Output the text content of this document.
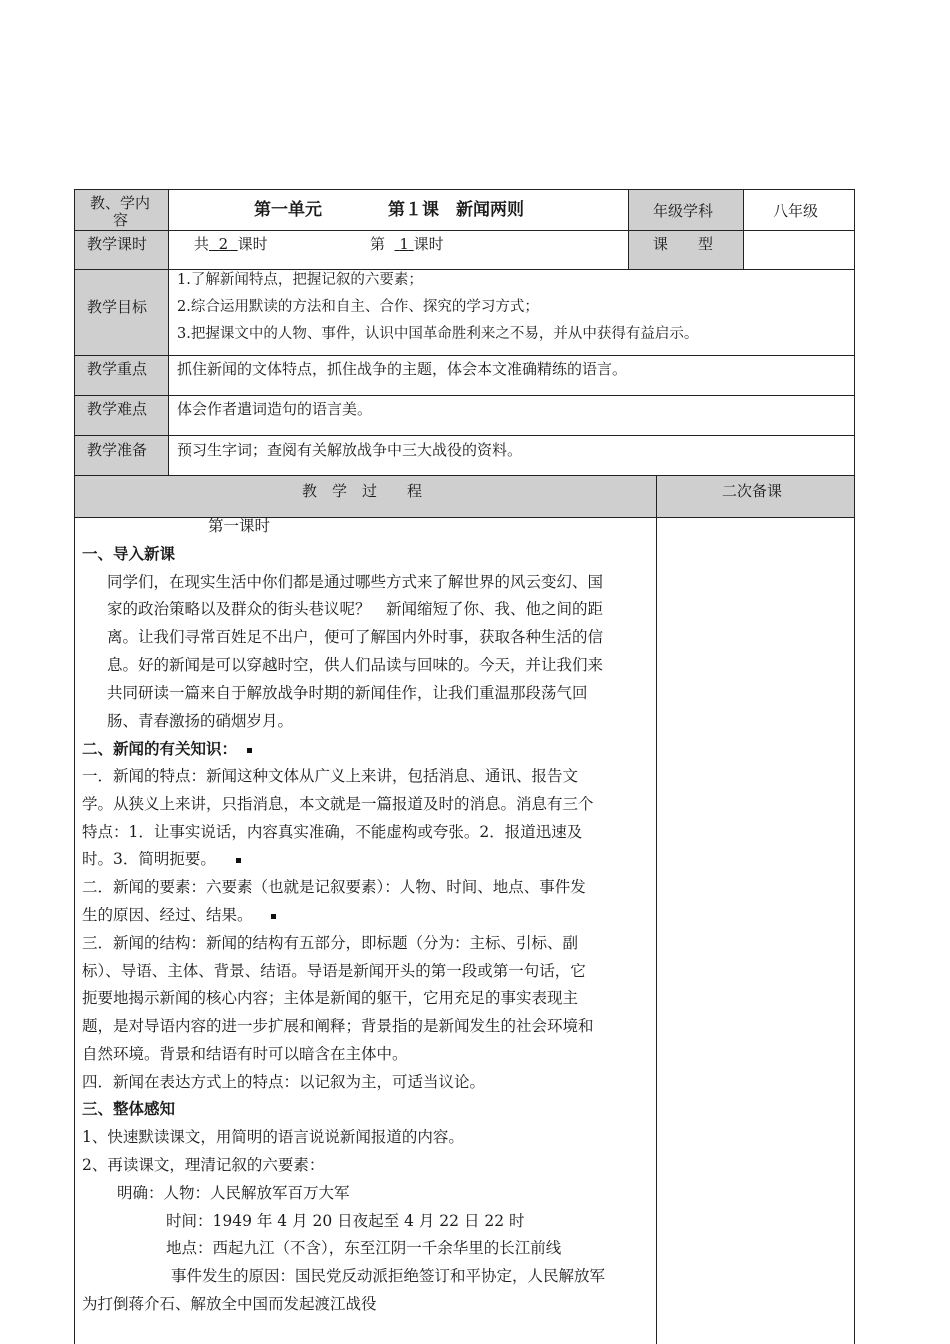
教、学内
容	第一单元	第１课　新闻两则	年级学科	八年级
教学课时	共 2 课时	第 1 课时	课　　型
教学目标
1.了解新闻特点，把握记叙的六要素；
2.综合运用默读的方法和自主、合作、探究的学习方式；
3.把握课文中的人物、事件，认识中国革命胜利来之不易，并从中获得有益启示。
教学重点 抓住新闻的文体特点，抓住战争的主题，体会本文准确精练的语言。
教学难点 体会作者遣词造句的语言美。
教学准备 预习生字词；查阅有关解放战争中三大战役的资料。
教　学　过　　程	二次备课
第一课时
一、导入新课
同学们，在现实生活中你们都是通过哪些方式来了解世界的风云变幻、国
家的政治策略以及群众的街头巷议呢？　新闻缩短了你、我、他之间的距
离。让我们寻常百姓足不出户，便可了解国内外时事，获取各种生活的信
息。好的新闻是可以穿越时空，供人们品读与回味的。今天，并让我们来
共同研读一篇来自于解放战争时期的新闻佳作，让我们重温那段荡气回
肠、青春激扬的硝烟岁月。
二、新闻的有关知识：
一．新闻的特点：新闻这种文体从广义上来讲，包括消息、通讯、报告文
学。从狭义上来讲，只指消息，本文就是一篇报道及时的消息。消息有三个
特点：1．让事实说话，内容真实准确，不能虚构或夸张。2．报道迅速及
时。3．简明扼要。
二．新闻的要素：六要素（也就是记叙要素）：人物、时间、地点、事件发
生的原因、经过、结果。
三．新闻的结构：新闻的结构有五部分，即标题（分为：主标、引标、副
标）、导语、主体、背景、结语。导语是新闻开头的第一段或第一句话，它
扼要地揭示新闻的核心内容；主体是新闻的躯干，它用充足的事实表现主
题，是对导语内容的进一步扩展和阐释；背景指的是新闻发生的社会环境和
自然环境。背景和结语有时可以暗含在主体中。
四．新闻在表达方式上的特点：以记叙为主，可适当议论。
三、整体感知
1、快速默读课文，用简明的语言说说新闻报道的内容。
2、再读课文，理清记叙的六要素：
明确：人物：人民解放军百万大军
时间：1949 年 4 月 20 日夜起至 4 月 22 日 22 时
地点：西起九江（不含），东至江阴一千余华里的长江前线
事件发生的原因：国民党反动派拒绝签订和平协定，人民解放军
为打倒蒋介石、解放全中国而发起渡江战役
